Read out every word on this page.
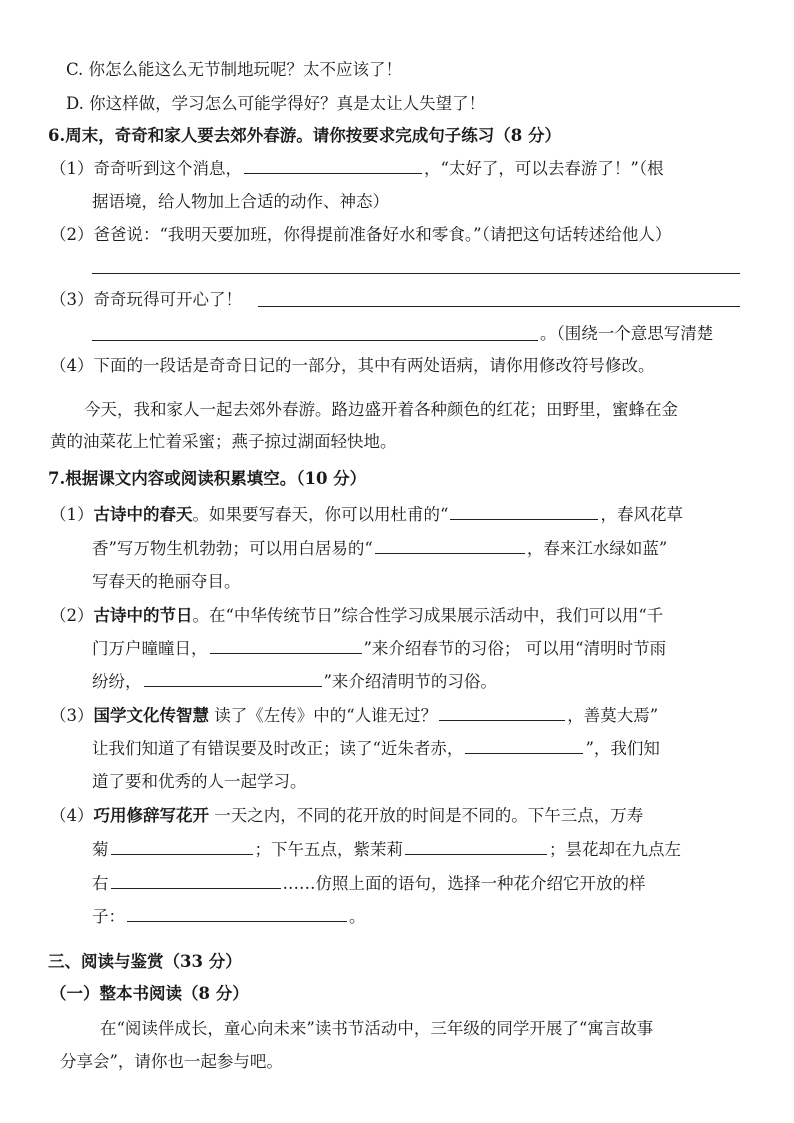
C. 你怎么能这么无节制地玩呢？太不应该了！
D. 你这样做，学习怎么可能学得好？真是太让人失望了！
6.周末，奇奇和家人要去郊外春游。请你按要求完成句子练习（8 分）
（1）奇奇听到这个消息，	，“太好了，可以去春游了！”（根
据语境，给人物加上合适的动作、神态）
（2）爸爸说：“我明天要加班，你得提前准备好水和零食。”（请把这句话转述给他人）
（3）奇奇玩得可开心了！
。（围绕一个意思写清楚
（4）下面的一段话是奇奇日记的一部分，其中有两处语病，请你用修改符号修改。
今天，我和家人一起去郊外春游。路边盛开着各种颜色的红花；田野里，蜜蜂在金
黄的油菜花上忙着采蜜；燕子掠过湖面轻快地。
7.根据课文内容或阅读积累填空。（10 分）
（1）古诗中的春天。如果要写春天，你可以用杜甫的“	，春风花草
香”写万物生机勃勃；可以用白居易的“	，春来江水绿如蓝”
写春天的艳丽夺目。
（2）古诗中的节日。在“中华传统节日”综合性学习成果展示活动中，我们可以用“千
门万户曈曈日，	”来介绍春节的习俗； 可以用“清明时节雨
纷纷，	”来介绍清明节的习俗。
（3）国学文化传智慧 读了《左传》中的“人谁无过？	，善莫大焉”
让我们知道了有错误要及时改正；读了“近朱者赤，	”，我们知
道了要和优秀的人一起学习。
（4）巧用修辞写花开 一天之内，不同的花开放的时间是不同的。下午三点，万寿
菊	；下午五点，紫茉莉	；昙花却在九点左
右	……仿照上面的语句，选择一种花介绍它开放的样
子：	。
三、阅读与鉴赏（33 分）
（一）整本书阅读（8 分）
在“阅读伴成长，童心向未来”读书节活动中，三年级的同学开展了“寓言故事
分享会”，请你也一起参与吧。
